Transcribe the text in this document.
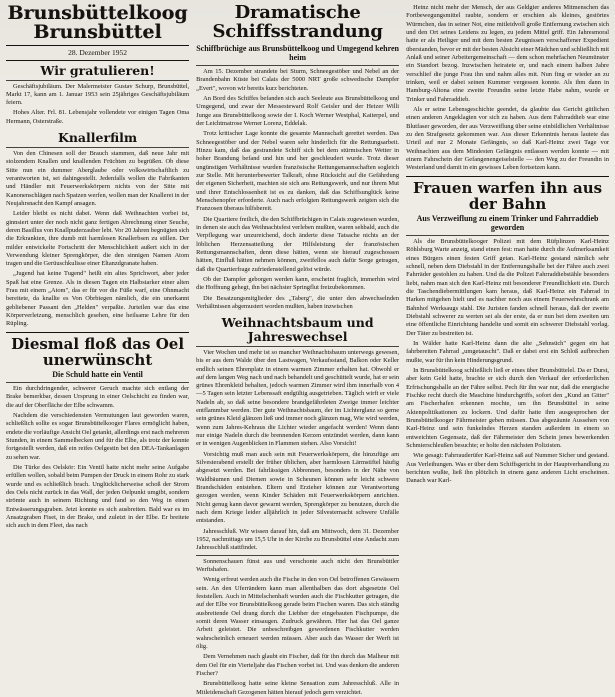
Brunsbüttelkoog
Brunsbüttel
28. Dezember 1952
Wir gratulieren!

Geschäftsjubiläum. Der Malermeister Gustav Schurp, Brunsbüttel, Markt 17, kann am 1. Januar 1953 sein 25jähriges Geschäftsjubiläum feiern.

Hohes Alter. Frl. 81. Lebensjahr vollendete vor einigen Tagen Oma Hermann, Osterstraße.

Knallerfilm

Von den Chinesen soll der Brauch stammen, daß neue Jahr mit stolzendem Knallen und knallenden Früchten zu begrüßen. Ob diese Sitte nun ein dummer Aberglaube oder volkswirtschaftlich zu verantworten ist, sei dahingestellt. Jedenfalls wollen die Fabrikanten und Händler mit Feuerwerkskörpern nichts von der Sitte mit Kanonenschlägen nach Spatzen werfen, wollen man der Knallerei in der Neujahrsnacht den Kampf ansagen.

Leider bleibt es nicht dabei. Wenn daß Weihnachten vorbei ist, ginnsiert unter der noch nicht ganz fertigen Abrechnung einer Seuche, deren Basillus von Knallpuderzauber lebt. Vor 20 Jahren begnügten sich die Erkrankten, ihre dumb mit harmlosen Knallerbsen zu stillen. Der milder entwickelte Fortschritt der Menschlichkeit außert sich in der Verwendung kleiner Sprengkörper, die den sinnigen Namen Atom tragen und die Gerüuschkulisse einer Eltanzdgranate haben.

„Jugend hat keine Tugend" heißt ein altes Sprichwort, aber jeder Spaß hat eine Grenze. Als in diesen Tagen ein Halbstarker einer alten Frau mit einem „Atom", das er für vor die Füße warf, eine Ohnmacht bereitete, da knallte es Von Obrbiegen nämlich, die ein unerkannt gebliebener Passant den „Helden" verpaßte. Jurteilen war das eine Körperverletzung, menschlich gesehen, eine heilsame Lehre für den Rüpling.

Diesmal floß das Oel unerwünscht
Die Schuld hatte ein Ventil

Ein durchdringender, schwerer Geruch machte sich entlang der Brake bemerkbar, dessen Ursprung in einer Oelschicht zu finden war, die auf der Oberfläche der Elbe schwamm.

Nachdem die verschiedensten Vermutungen laut geworden waren, schließlich sollte es sogar Brunsbüttelkooger Flares ermöglicht haben, endete die vorläufige Ansicht Oel getankt, allerdings erst nach mehreren Stunden, in einem Sammelbecken und für die Elbe, als trotz der konnte fortgestellt werden, daß ein reifes Oelgestin bei den DEA-Tankanlagen zu sehen war.

Die Türke des Oelskör: Ein Ventil hatte nicht mehr seine Aufgabe erfüllen wollen, sobald beim Pumpen der Druck in einem Rohr zu stark wurde und es schließlich brach. Unglücklicherweise schoß der Strom des Oels nicht zurück in das Wall, der jeden Oelpunkt umgibt, sondern strömte auch in seinem Richtung und fand so den Weg in einen Entwässerungsgraben. Jetzt konnte es sich ausbreiten. Bald war es im Ansatzgraben Fiset, in der Brake, und zuletzt in der Elbe. Er breitete sich auch in dem Fleet, das nach

Dramatische Schiffsstrandung
Schiffbrüchige aus Brunsbüttelkoog und Umgegend kehren heim

Am 15. Dezember strandete bei Sturm, Schneegestöber und Nebel an der Brandenbahn Küste bei Calais der 5000 NRT große schwedische Dampfer „Evert", wovon wir bereits kurz berichteten.

An Bord des Schiffes befanden sich auch Seeleute aus Brunsbüttelkoog und Umgegend, und zwar der Messesteward Rolf Geisler und der Heizer Willi Junge aus Brunsbüttelkoog sowie der I. Koch Werner Westphal, Kaiterpel, und der Leichtmatrose Werner Lorenz, Eddelak.

Trotz kritischer Lage konnte die gesamte Mannschaft gerettet werden. Das Schneegestöber und der Nebel waren sehr hinderlich für die Rettungsarbeit. Hinzu kam, daß das gestrandete Schiff sich bei dem stürmischen Wetter in hoher Brandung befand und hin und her geschleudert wurde. Trotz dieser ungünstigen Verhältnisse wurden französische Rettungsmannschaften sogleich zur Stelle. Mit herunterbewerter Talkraft, ohne Rücksicht auf die Gefährdung der eigenen Sicherheit, machten sie sich ans Rettungswerk, und nur ihrem Mut und ihrer Entschlossenheit ist es zu danken, daß das Schiffsunglück keine Menschenopfer erforderte. Auch nach erfolgten Rettungswerk zeigten sich die Franzosen überaus hilfsbereit.

Die Quartiere freilich, die den Schiffbrüchigen in Calais zugewiesen wurden, in denen sie auch das Weihnachtsfest verleben mußten, waren sehbald, auch die Verpflegung war unzureichend, doch änderte diese Tatsache nichts an der löblichen Herzensatteilung der Hilfsleistung der französischen Rettungsmannschaften, denn diese hätten, wenn sie hierauf zugeschossen hätten, Einfluß hätten nehmen können, zweifellos auch dafür Sorge getragen, daß die Quartierfrage zufriedenstellend gelöst würde.

Ob der Dampfer geborgen werden kann, erscheint fraglich, immerhin wird die Hoffnung gehegt, ihn bei nächster Springflut freizubekommen.

Die Besatzungsmitglieder des „Taberg", die unter den abwechselnden Verhältnissen abgemustert worden mußten, haben inzwischen

Weihnachtsbaum und Jahreswechsel

Vier Wochen und mehr ist so mancher Weihnachtsbaum unterwegs gewesen, bis er aus dem Walde über den Lastwagen, Verkaufsstand, Balkon oder Keller endlich seinen Ehrenplatz in einem warmen Zimmer erhalten hat. Obwohl er auf dem langen Weg nach und nach behandelt und geschüttelt wurde, hat er sein grünes Ehrenkleid behalten, jedoch warmen Zimmer wird ihm innerhalb von 4—5 Tagen sein letzter Lebenssaft endgültig ausgetrieben. Täglich wirft er viele Nadeln ab, so daß seine besondere brandgefährdeten Zweige immer leichter entflammbar werden. Der gute Weihnachtsbaum, der im Lichterglanz so gerne sein grünes Kleid glänzen ließ und immer noch glänzen mag, Wie wird werden, wenn zum Jahres-Kehraus die Lichter wieder angefacht werden! Wenn dann nur einige Nadeln durch die brennenden Kerzen entzündet werden, dann kann er in wenigen Augenblicken in Flammen stehen. Also Vorsicht!

Vorsichtig muß man auch sein mit Feuerwerkskörpern, die hinzufüge am Silvesterabend erstellt der früher üblichen, aber harmlosen Lärmstiftel häufig abgesetzt werden. Bei fahrlässigen Abbrennen, besonders in der Nähe von Waldbäumen und Diemen sowie in Scheunen können sehr leicht schwere Brandschäden entstehen. Eltern und Erzieher können zur Verantwortung gezogen werden, wenn Kinder Schäden mit Feuerwerkskörpern anrichten. Nicht genug kann davor gewarnt werden, Sprengkörper zu benutzen, durch die nach dem Kriege leider alljährlich in jeder Silvesternacht schwere Unfälle entstanden.

Jahresschluß. Wir wissen darauf hin, daß am Mittwoch, dem 31. Dezember 1952, nachmittags um 15,5 Uhr in der Kirche zu Brunsbüttel eine Andacht zum Jahresschluß stattfindet.

Sonnenschauen fünst aus und verschonte auch nicht den Brunsbüttler Werftshafen.

Wenig erfreut werden auch die Fische in den von Oel betroffenen Gewässern sein. An den Uferrändern kann man allenthalben das dort abgesetzte Oel feststellen. Auch in Mittelschenhaft wurden auch die Fischkutter getragen, die auf der Elbe vor Brunsbüttelkoog gerade beim Fischen waren. Das sich ständig ausbreitende Oel drang durch die Liebher der eingebauten Fischpumpe, die somit deren Wasser einsaugen. Zudruck gewähren. Hier hat das Oel ganze Arbeit geleistet. Die unbeschreibgen gewordenen Fischkutter werden wahrscheinlich erneuert werden müssen. Aber auch das Wasser der Werft ist ölig.

Dem Vernehmen nach glaubt ein Fischer, daß für ihn durch das Malheur mit dem Oel für ein Vierteljahr das Fischen vorbei ist. Und was denken die anderen Fischer?

Brunsbüttelkoog hatte seine kleine Sensation zum Jahresschluß. Alle in Mitleidenschaft Gezogenen hätten hierauf jedoch gern verzichtet.

Heinz nicht mehr der Mensch, der aus Geldgier anderes Mitmenschen das Fortbewegungsmittel raubte, sondern er erschien als kleines, gestörtes Würmchen, das in seiner Not, eine mitleidvoll große Entfernung zwischen sich und den Ort seines Leidens zu legen, zu jedem Mittel griff. Ein Jahresmoral hatte er als Heiliger und mit dem besten Zeugnissen verschaffener Expedient überstanden, bevor er mit der besten Absicht einer Mädchen und schließlich mit Anlaß und seiner Arbeitergemeinschaft — dem schon mehrfachen Neumünster ein Standort bezog. Inzwischen heiratete er, und nach einem halben Jahre verschlief die junge Frau ihn und nahm alles mit. Nun fing er wieder an zu trinken, weil er dabei seinen Kummer vergessen konnte. Als ihm dann in Hamburg-Altona eine zweite Freundin seine letzte Habe nahm, wurde er Trinker und Fahrraddieb.

Als er seine Lebensgeschichte geendet, da glaubte das Gericht gütlichen einen anderen Angeklagten vor sich zu haben. Aus dem Fahrraddieb war eine Blutfaser geworden, der aus Verzweiflung über seine einbildlichen Verhältnisse zu den Strafgesetz gekommen war. Aus dieser Erkenntnis heraus lautete das Urteil auf nur 2 Monate Gefängnis, so daß Karl-Heinz zwei Tage vor Weihnachten aus dem Mindesten Gefängnis entlassen werden konnte — mit einem Fahrschein der Gefangenengeiselstelle — den Weg zu der Freundin in Westerland und damit in ein gewisses Leben fortsetzen kann.

Frauen warfen ihn aus der Bahn
Aus Verzweiflung zu einem Trinker und Fahrraddieb geworden

Als die Brunsbüttelkooger Polizei mit dem Rüfplinzen Karl-Heinz Röhlsburg Warte anzeig, stand einen fest: man hatte durch die Aufmerksamkeit eines Bürgers einen festen Griff getan. Karl-Heinz gestand nämlich sehr schnell, neben dem Diebstahl in der Entfernungshalle bei der Fähre auch zwei Fahrräder gestohlen zu haben. Und da die Polizei Fahrraddiebstähle besonders liebt, nahm man sich den Karl-Heinz mit besonderer Freundlichkeit ein. Durch die Taschendiebermittlungen kam heraus, daß Karl-Heinz ein Fahrrad in Harken mitgehen hielt und es nachher noch aus einem Feuerwehrschrank am Bahnhof Werksaugs stahl. Die Juristen fanden schnell heraus, daß der zweite Diebstahl schwerer zu werten sei als der erste, da er nun bei dem zweiten um eine öffentliche Einrichtung handelte und somit ein schwerer Diebstahl vorlag. Der Täter zu bestreiten ist.

In Wälder hatte Karl-Heinz dann die alte „Sehnsüch" gegen ein hat fahrbereiten Fahrrad „umgetauscht". Daß er dabei erst ein Schloß aufbrechen mußte, war für ihn kein Hinderungsgrund.

In Brunsbüttelkoog schließlich ließ er eines über Brunsbüttelel. Da er Durst, aber kein Geld hatte, brachte er sich durch den Verkauf der erforderlichen Erfrischungshalle an der Fähre selbst. Pech für ihn war nur, daß die energische Fischke recht durch die Maschine hindurchgriffs, sofort den „Kund an Gitter" am Fischerhafen erkennen mochte, um ihn Brunsbüttel in seine Aktenpolitikationen zu lockern. Und dafür hatte ihm ausgesprochen der Brunsbüttelkooger Fährmeister geben müssen. Das abgezäunte Aussehen von Karl-Heinz und sein funkelndes Herzen standen außerdem in einem so entweichten Gegensatz, daß der Fährmeister den Schein jenes bewerkenden Schmierschleußen besuchte; er holte den nächsten Polizisten.

Wie gesagt: Fahrrauderüfer Karl-Heinz saß auf Nummer Sicher und gestand. Aus Verleihungen. Was er über dem Schiffsgericht in der Hauptverhandlung zu berichten wußte, ließ ihn plötzlich in einem ganz anderen Licht erscheinen. Danach war Karl-
